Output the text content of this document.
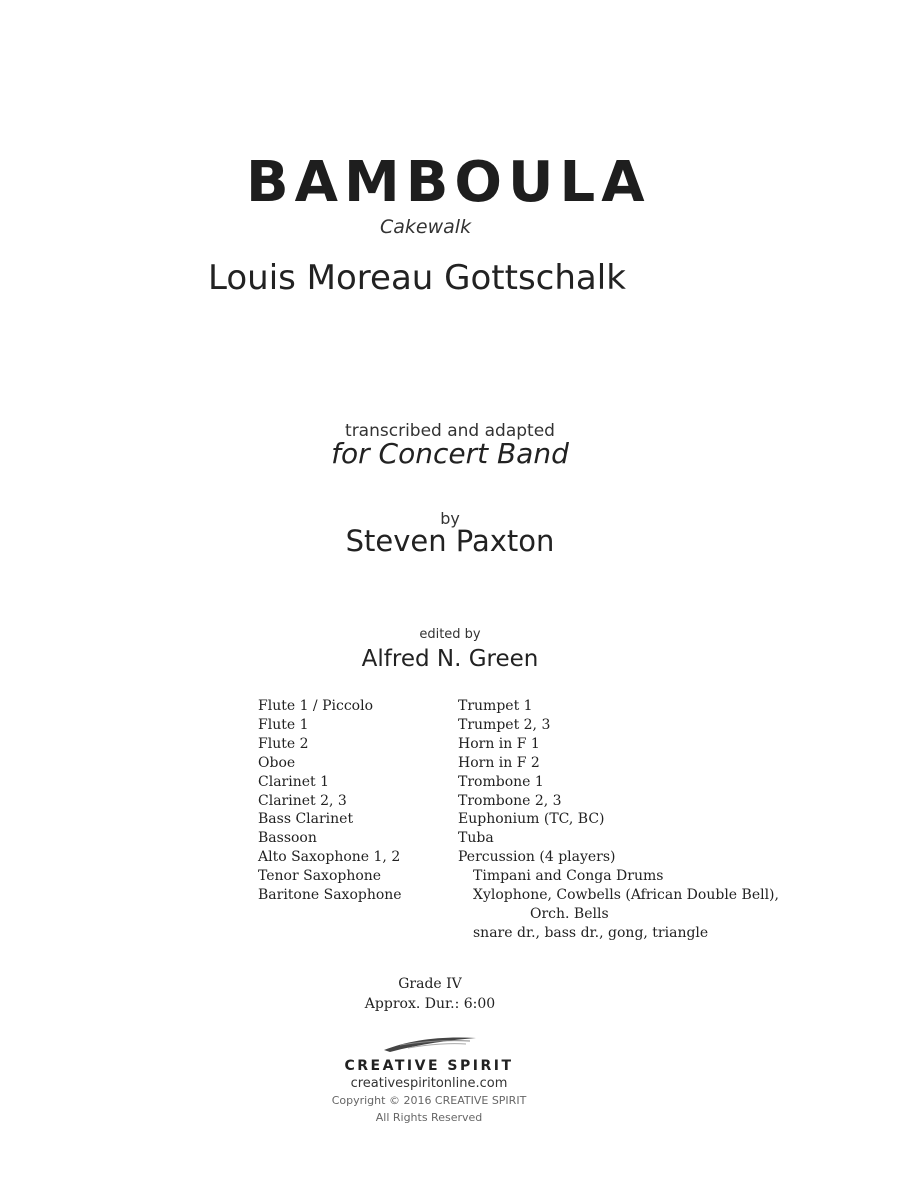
BAMBOULA
Cakewalk
Louis Moreau Gottschalk
transcribed and adapted
for Concert Band
by
Steven Paxton
edited by
Alfred N. Green
Flute 1 / Piccolo
Flute 1
Flute 2
Oboe
Clarinet 1
Clarinet 2, 3
Bass Clarinet
Bassoon
Alto Saxophone 1, 2
Tenor Saxophone
Baritone Saxophone
Trumpet 1
Trumpet 2, 3
Horn in F 1
Horn in F 2
Trombone 1
Trombone 2, 3
Euphonium (TC, BC)
Tuba
Percussion (4 players)
Timpani and Conga Drums
Xylophone, Cowbells (African Double Bell),
Orch. Bells
snare dr., bass dr., gong, triangle
Grade IV
Approx. Dur.: 6:00
CREATIVE SPIRIT
creativespiritonline.com
Copyright © 2016 CREATIVE SPIRIT
All Rights Reserved
